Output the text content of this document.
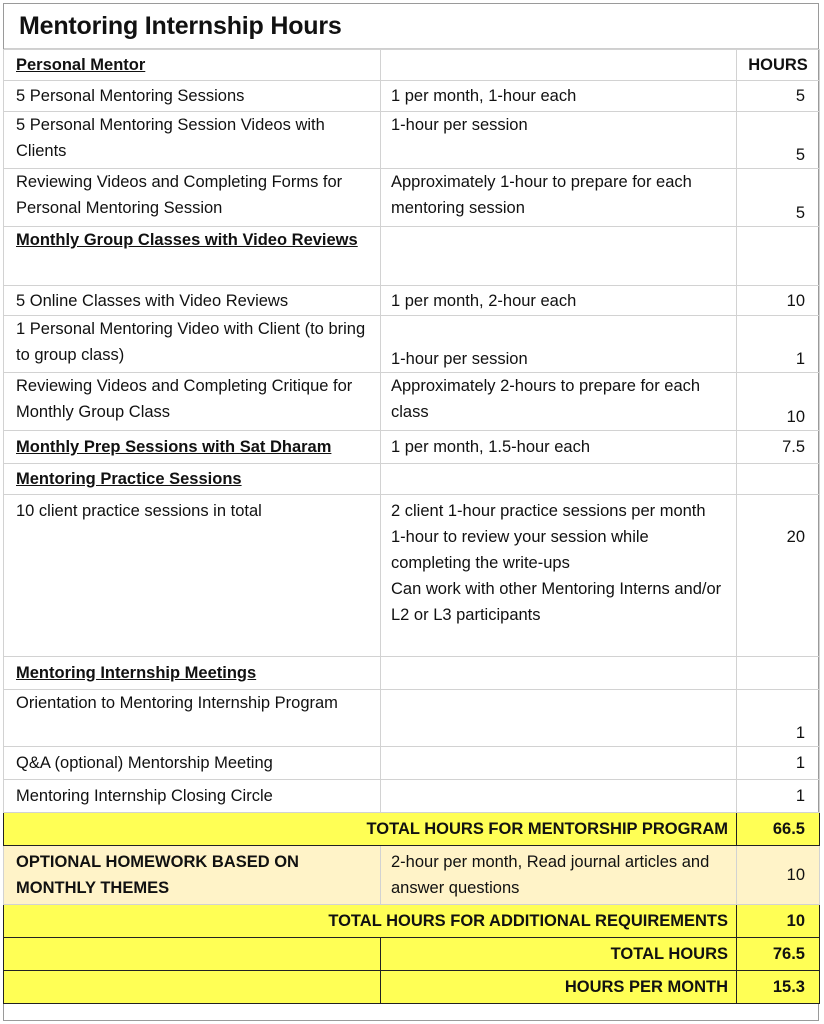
Mentoring Internship Hours
Personal Mentor		HOURS
5 Personal Mentoring Sessions	1 per month, 1-hour each	5
5 Personal Mentoring Session Videos with Clients	1-hour per session	5
Reviewing Videos and Completing Forms for Personal Mentoring Session	Approximately 1-hour to prepare for each mentoring session	5
Monthly Group Classes with Video Reviews		
5 Online Classes with Video Reviews	1 per month, 2-hour each	10
1 Personal Mentoring Video with Client (to bring to group class)	1-hour per session	1
Reviewing Videos and Completing Critique for Monthly Group Class	Approximately 2-hours to prepare for each class	10
Monthly Prep Sessions with Sat Dharam	1 per month, 1.5-hour each	7.5
Mentoring Practice Sessions		
10 client practice sessions in total	2 client 1-hour practice sessions per month
1-hour to review your session while completing the write-ups
Can work with other Mentoring Interns and/or L2 or L3 participants	20
Mentoring Internship Meetings		
Orientation to Mentoring Internship Program		1
Q&A (optional) Mentorship Meeting		1
Mentoring Internship Closing Circle		1
TOTAL HOURS FOR MENTORSHIP PROGRAM		66.5
OPTIONAL HOMEWORK BASED ON MONTHLY THEMES	2-hour per month, Read journal articles and answer questions	10
TOTAL HOURS FOR ADDITIONAL REQUIREMENTS		10
	TOTAL HOURS	76.5
	HOURS PER MONTH	15.3
